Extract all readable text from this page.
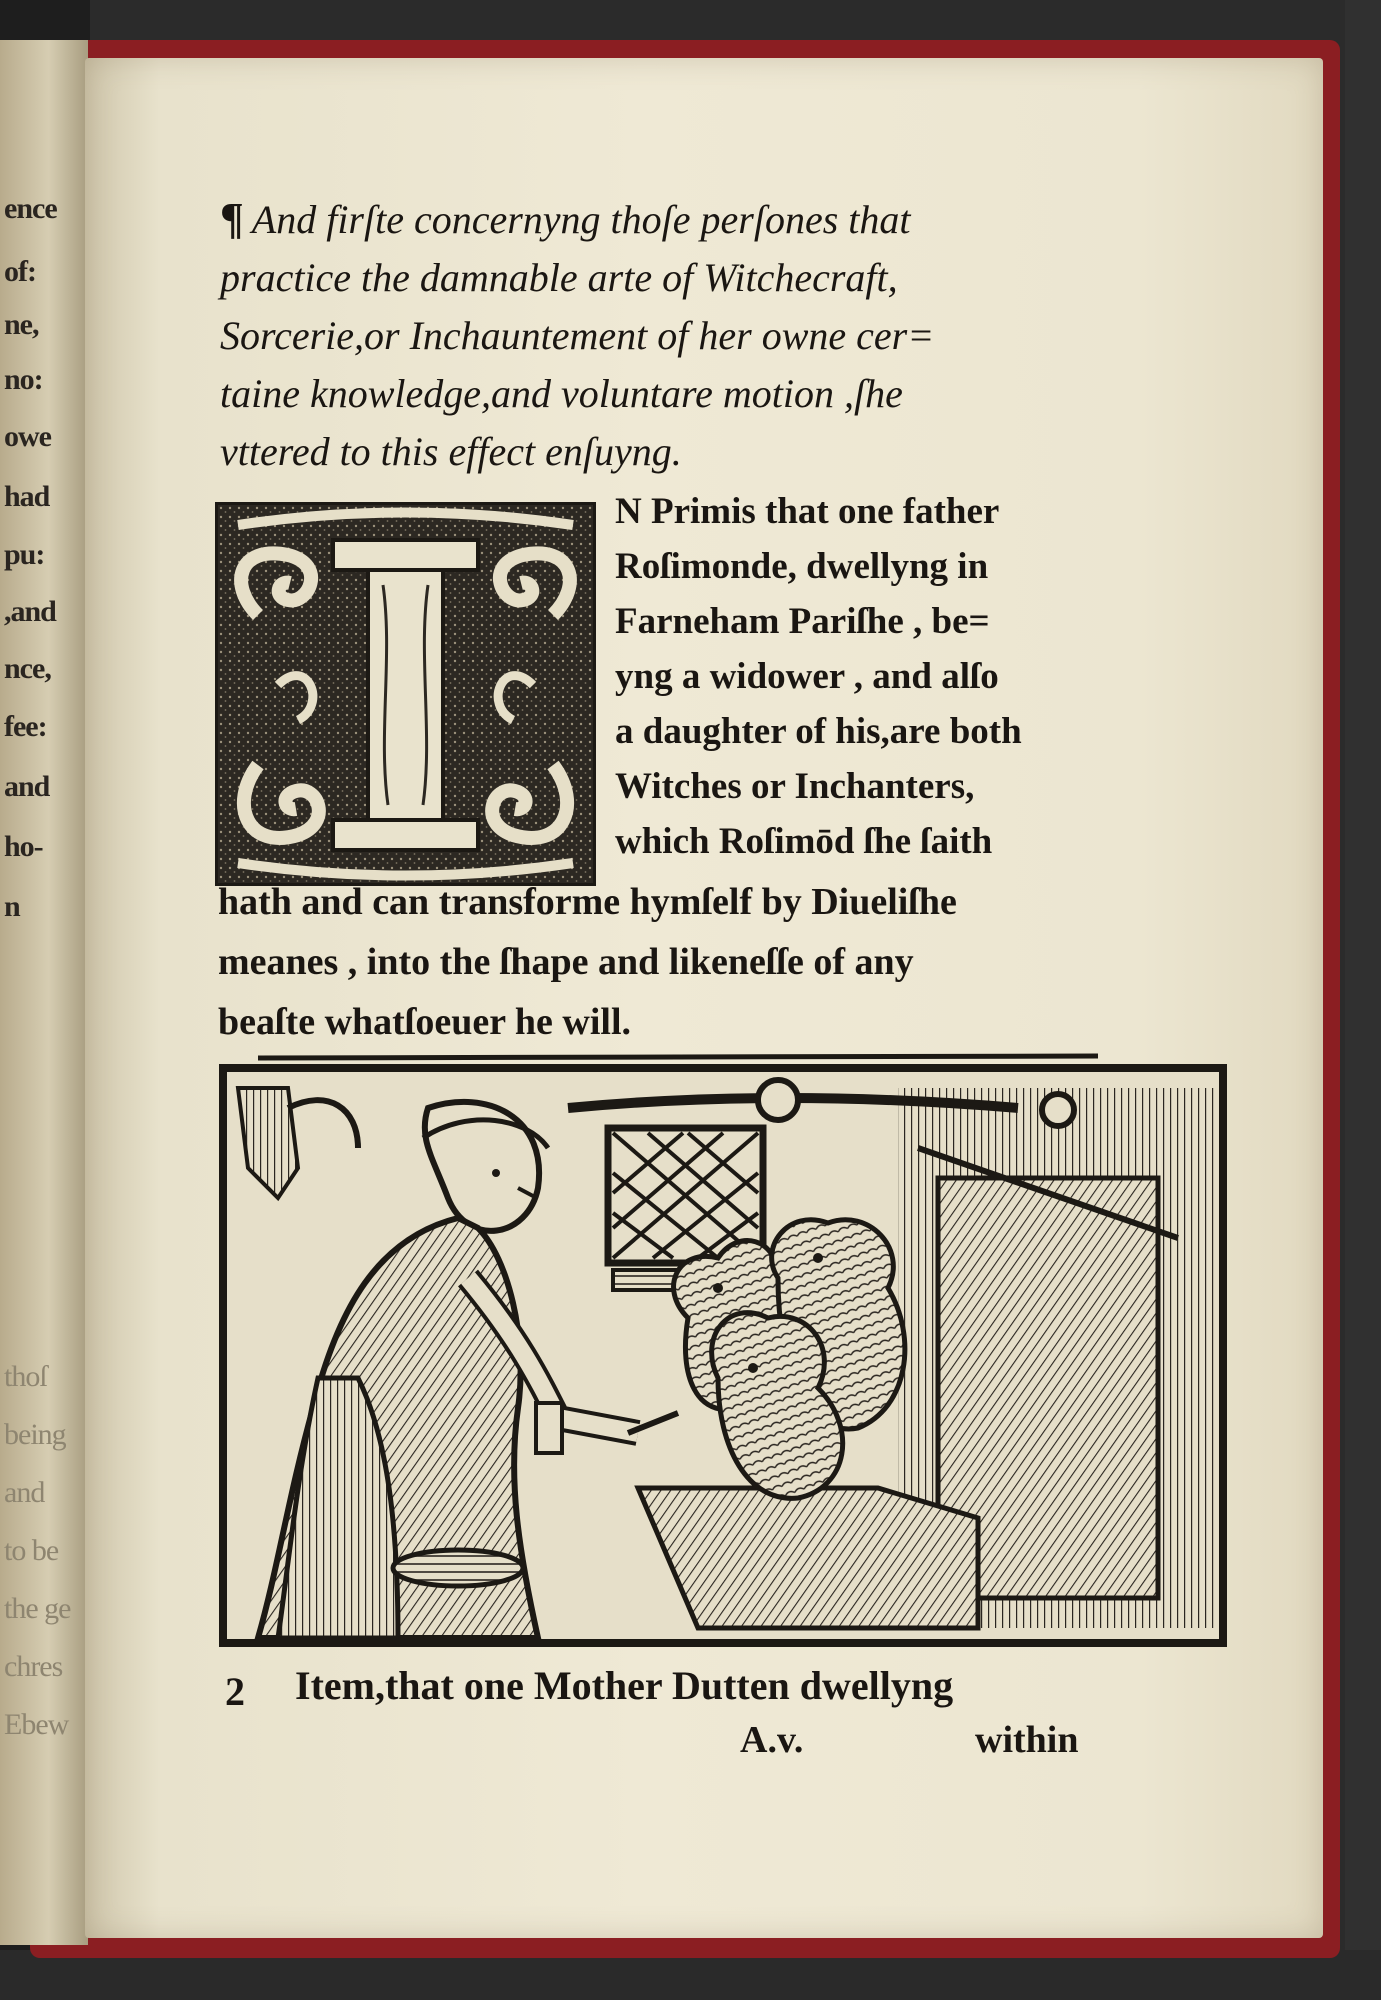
ence
of:
ne,
no:
owe
had
pu:
,and
nce,
fee:
and
ho-
n
thoſ
being
and
to be
the ge
chres
Ebew
¶ And firſte concernyng thoſe perſones that
practice the damnable arte of Witchecraft,
Sorcerie,or Inchauntement of her owne cer=
taine knowledge,and voluntare motion ,ſhe
vttered to this effect enſuyng.
N Primis that one father
Roſimonde, dwellyng in
Farneham Pariſhe , be=
yng a widower , and alſo
a daughter of his,are both
Witches or Inchanters,
which Roſimōd ſhe ſaith
hath and can transforme hymſelf by Diueliſhe
meanes , into the ſhape and likeneſſe of any
beaſte whatſoeuer he will.
2 Item,that one Mother Dutten dwellyng
A.v.	within
